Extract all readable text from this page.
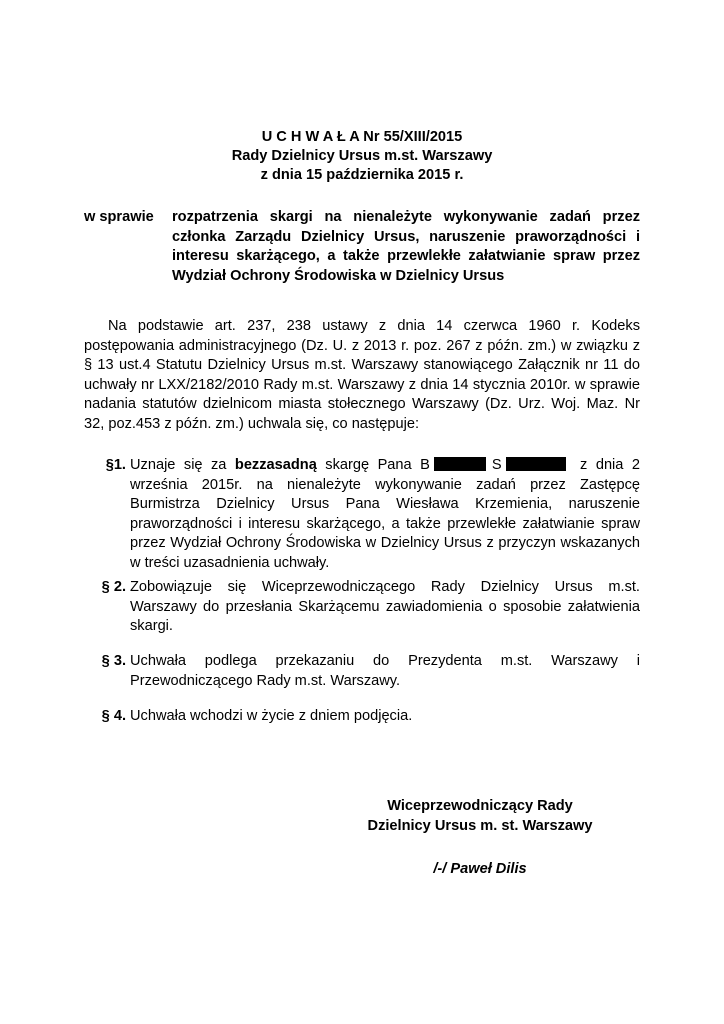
U C H W A Ł A Nr 55/XIII/2015
Rady Dzielnicy Ursus m.st. Warszawy
z dnia 15 października 2015 r.
w sprawie	rozpatrzenia skargi na nienależyte wykonywanie zadań przez członka Zarządu Dzielnicy Ursus, naruszenie praworządności i interesu skarżącego, a także przewlekłe załatwianie spraw przez Wydział Ochrony Środowiska w Dzielnicy Ursus
Na podstawie art. 237, 238 ustawy z dnia 14 czerwca 1960 r. Kodeks postępowania administracyjnego (Dz. U. z 2013 r. poz. 267 z późn. zm.) w związku z § 13 ust.4 Statutu Dzielnicy Ursus m.st. Warszawy stanowiącego Załącznik nr 11 do uchwały nr LXX/2182/2010 Rady m.st. Warszawy z dnia 14 stycznia 2010r. w sprawie nadania statutów dzielnicom miasta stołecznego Warszawy (Dz. Urz. Woj. Maz. Nr 32, poz.453 z późn. zm.) uchwala się, co następuje:
§1. Uznaje się za bezzasadną skargę Pana B	S	z dnia 2 września 2015r. na nienależyte wykonywanie zadań przez Zastępcę Burmistrza Dzielnicy Ursus Pana Wiesława Krzemienia, naruszenie praworządności i interesu skarżącego, a także przewlekłe załatwianie spraw przez Wydział Ochrony Środowiska w Dzielnicy Ursus z przyczyn wskazanych w treści uzasadnienia uchwały.
§ 2. Zobowiązuje się Wiceprzewodniczącego Rady Dzielnicy Ursus m.st. Warszawy do przesłania Skarżącemu zawiadomienia o sposobie załatwienia skargi.
§ 3. Uchwała podlega przekazaniu do Prezydenta m.st. Warszawy i Przewodniczącego Rady m.st. Warszawy.
§ 4. Uchwała wchodzi w życie z dniem podjęcia.
Wiceprzewodniczący Rady
Dzielnicy Ursus m. st. Warszawy
/-/ Paweł Dilis
